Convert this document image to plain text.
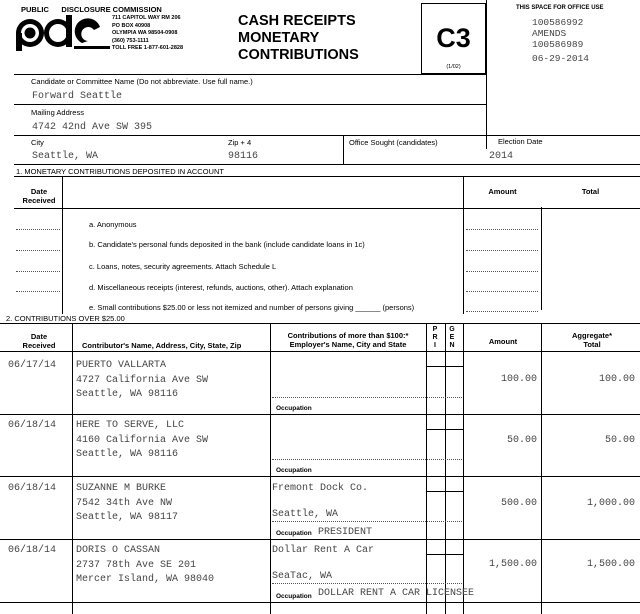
PUBLIC      DISCLOSURE COMMISSION
711 CAPITOL WAY RM 206
PO BOX 40908
OLYMPIA WA 98504-0908
(360) 753-1111
TOLL FREE 1-877-601-2828
CASH RECEIPTS
MONETARY
CONTRIBUTIONS
C3
(1/02)
THIS SPACE FOR OFFICE USE
100586992
AMENDS
100586989
06-29-2014
Candidate or Committee Name (Do not abbreviate. Use full name.)
Forward Seattle
Mailing Address
4742 42nd Ave SW 395
City
Seattle, WA
Zip + 4
98116
Office Sought (candidates)	Election Date
2014
1. MONETARY CONTRIBUTIONS DEPOSITED IN ACCOUNT
Date
Received
Amount	Total
a. Anonymous
b. Candidate's personal funds deposited in the bank (include candidate loans in 1c)
c. Loans, notes, security agreements. Attach Schedule L
d. Miscellaneous receipts (interest, refunds, auctions, other). Attach explanation
e. Small contributions $25.00 or less not itemized and number of persons giving ______ (persons)
2. CONTRIBUTIONS OVER $25.00
Date
Received	Contributor's Name, Address, City, State, Zip
Contributions of more than $100:*
Employer's Name, City and State
P
R
I
G
E
N	Amount
Aggregate*
Total
06/17/14 PUERTO VALLARTA
4727 California Ave SW
Seattle, WA 98116
Occupation
100.00	100.00
06/18/14 HERE TO SERVE, LLC
4160 California Ave SW
Seattle, WA 98116
Occupation
50.00	50.00
06/18/14 SUZANNE M BURKE
7542 34th Ave NW
Seattle, WA 98117
Fremont Dock Co.
Seattle, WA
Occupation PRESIDENT
500.00	1,000.00
06/18/14 DORIS O CASSAN
2737 78th Ave SE 201
Mercer Island, WA 98040
Dollar Rent A Car
SeaTac, WA
Occupation DOLLAR RENT A CAR LICENSEE
1,500.00	1,500.00
